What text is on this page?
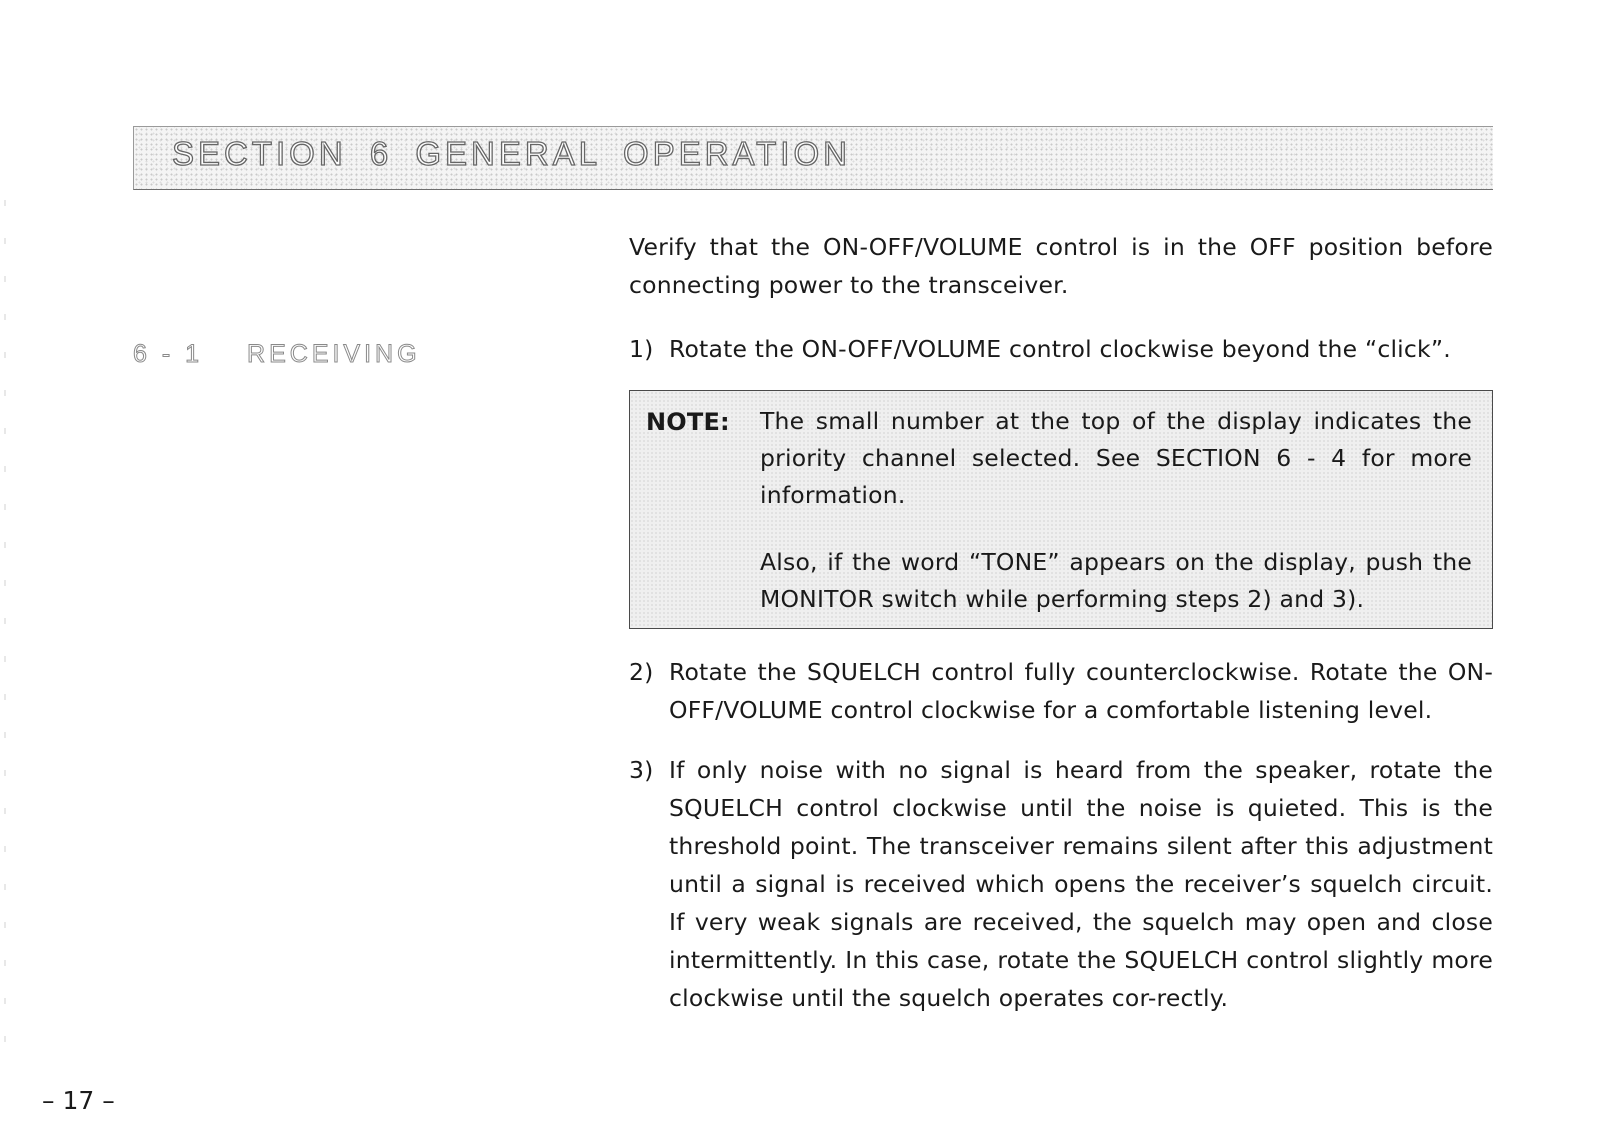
SECTION 6 GENERAL OPERATION
6 - 1 RECEIVING

Verify that the ON-OFF/VOLUME control is in the OFF position before connecting power to the transceiver.

1) Rotate the ON-OFF/VOLUME control clockwise beyond the “click”.
NOTE:	The small number at the top of the display indicates the priority channel selected. See SECTION 6 - 4 for more information.

Also, if the word “TONE” appears on the display, push the MONITOR switch while performing steps 2) and 3).

2) Rotate the SQUELCH control fully counterclockwise. Rotate the ON-OFF/VOLUME control clockwise for a comfortable listening level.
3) If only noise with no signal is heard from the speaker, rotate the SQUELCH control clockwise until the noise is quieted. This is the threshold point. The transceiver remains silent after this adjustment until a signal is received which opens the receiver’s squelch circuit. If very weak signals are received, the squelch may open and close intermittently. In this case, rotate the SQUELCH control slightly more clockwise until the squelch operates cor-rectly.
– 17 –
